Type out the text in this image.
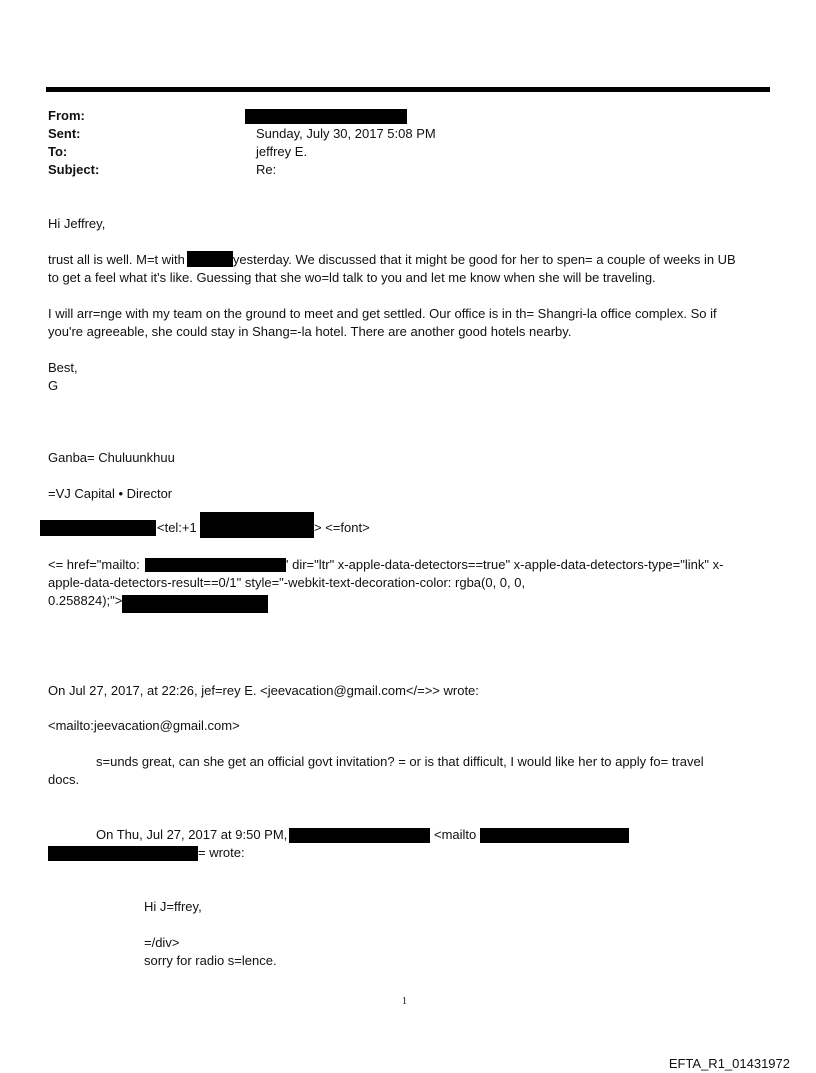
From:
Sent:	Sunday, July 30, 2017 5:08 PM
To:	jeffrey E.
Subject:	Re:
Hi Jeffrey,
trust all is well. M=t with	yesterday. We discussed that it might be good for her to spen= a couple of weeks in UB
to get a feel what it's like. Guessing that she wo=ld talk to you and let me know when she will be traveling.
I will arr=nge with my team on the ground to meet and get settled. Our office is in th= Shangri-la office complex. So if
you're agreeable, she could stay in Shang=-la hotel. There are another good hotels nearby.
Best,
G
Ganba= Chuluunkhuu
=VJ Capital • Director
<tel:+1	> <=font>
<= href="mailto:	' dir="ltr" x-apple-data-detectors==true" x-apple-data-detectors-type="link" x-
apple-data-detectors-result==0/1" style="-webkit-text-decoration-color: rgba(0, 0, 0,
0.258824);">
On Jul 27, 2017, at 22:26, jef=rey E. <jeevacation@gmail.com</=>> wrote:
<mailto:jeevacation@gmail.com>
s=unds great, can she get an official govt invitation? = or is that difficult, I would like her to apply fo= travel
docs.
On Thu, Jul 27, 2017 at 9:50 PM,	<mailto
= wrote:
Hi J=ffrey,
=/div>
sorry for radio s=lence.
1
EFTA_R1_01431972
